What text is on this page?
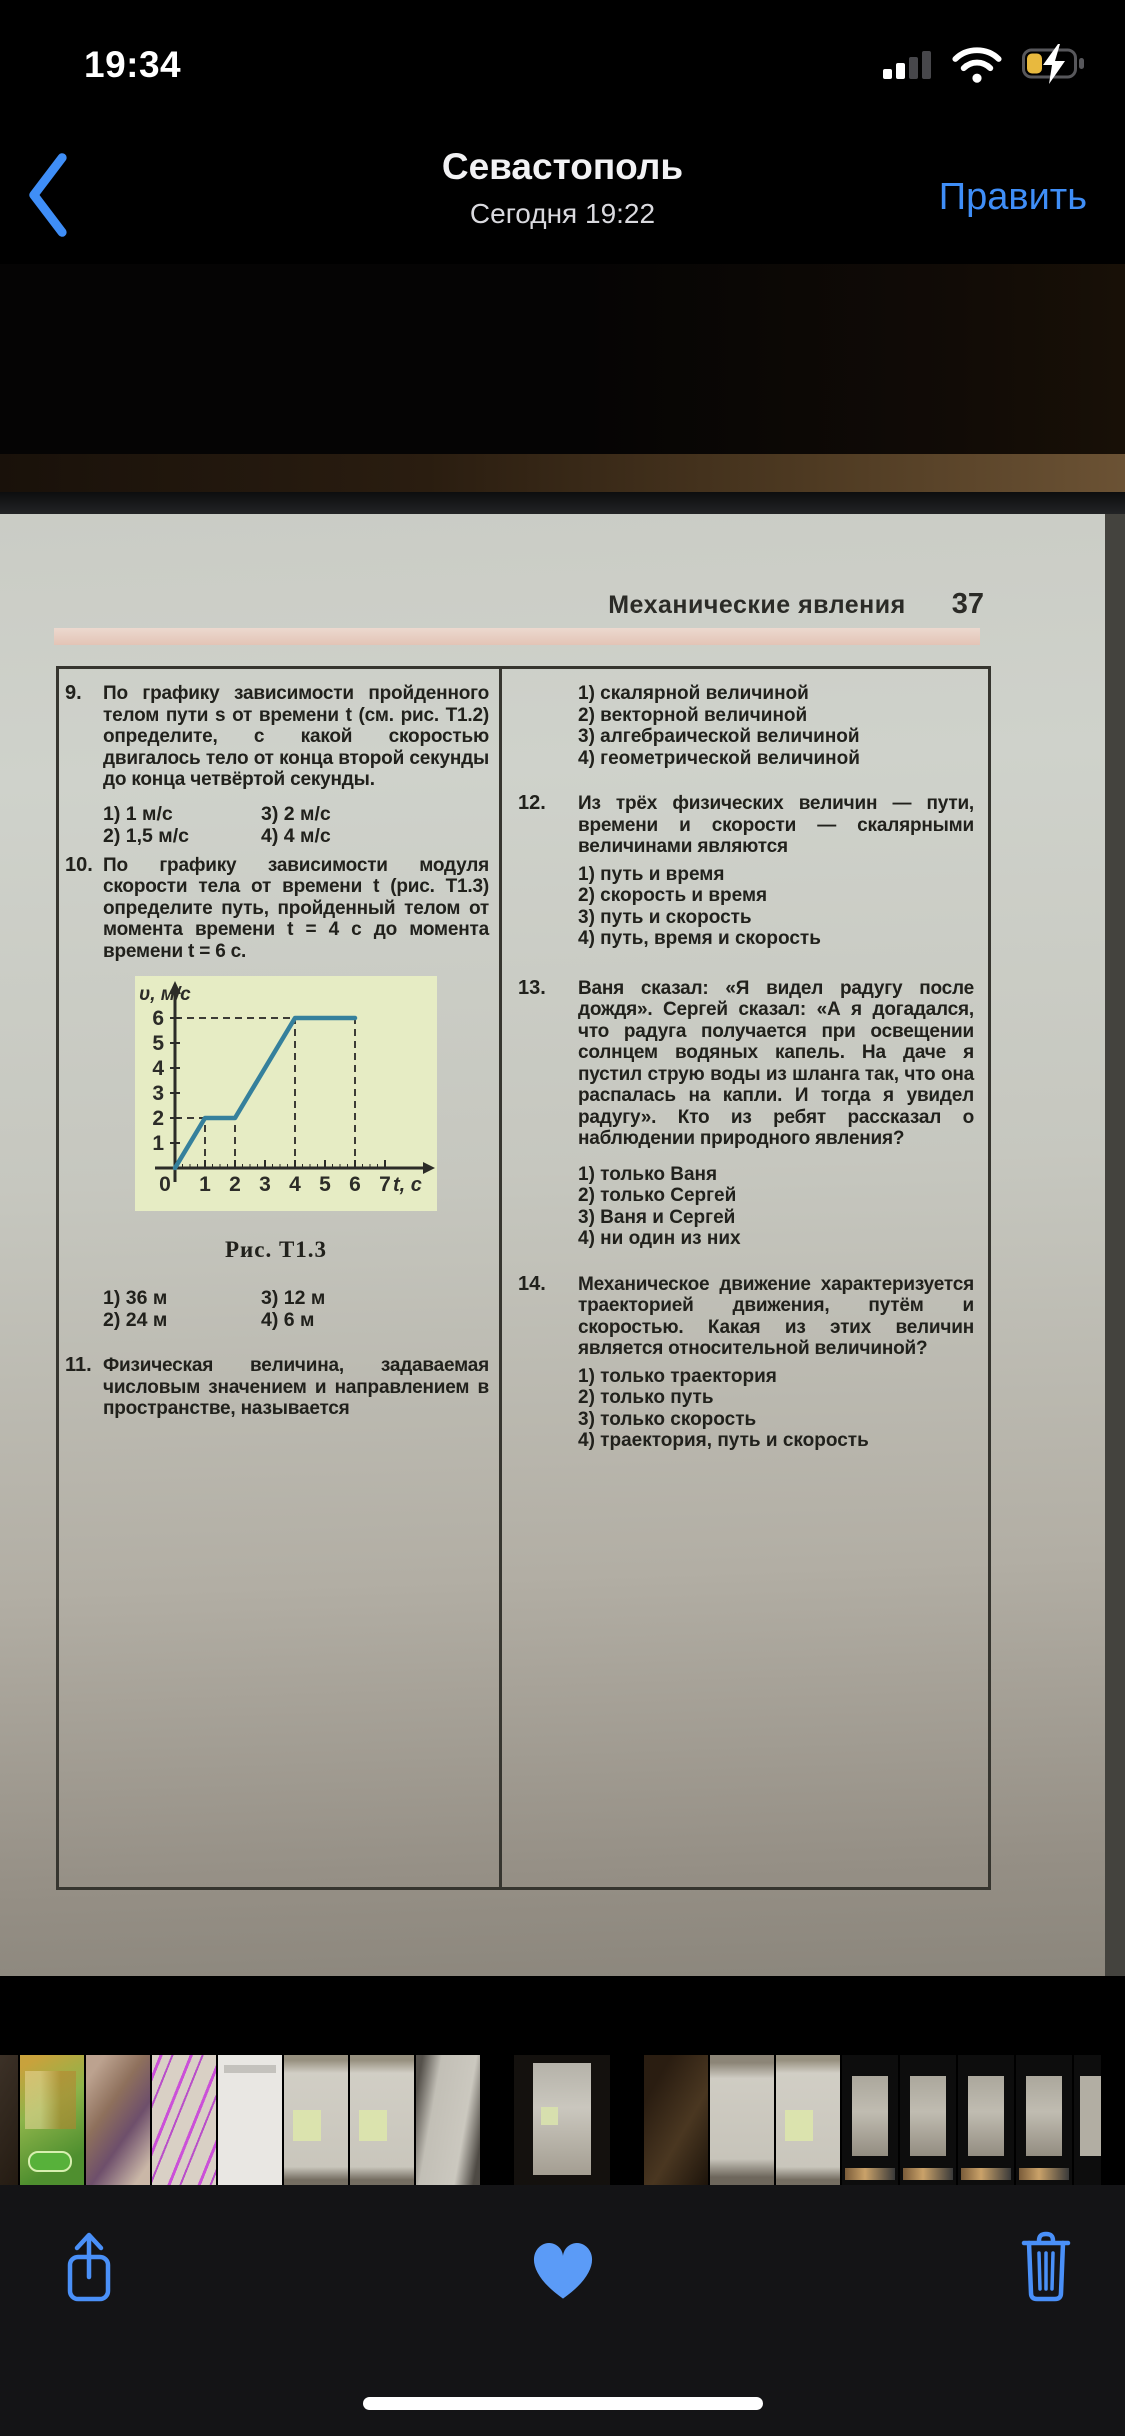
19:34
Севастополь
Сегодня 19:22	Править
Механические явления 37
9.	По графику зависимости пройденного телом пути s от времени t (см. рис. Т1.2) определите, с какой скоростью двигалось тело от конца второй секунды до конца четвёртой секунды.
1) 1 м/с	3) 2 м/с
2) 1,5 м/с	4) 4 м/с
10. По графику зависимости модуля скорости тела от времени t (рис. Т1.3) определите путь, пройденный телом от момента времени t = 4 с до момента времени t = 6 с.
0 1 2 3 4 5 6 7
1
2
3
4
5
6
υ, м/с
t, с
Рис. Т1.3
1) 36 м	3) 12 м
2) 24 м	4) 6 м
11. Физическая величина, задаваемая числовым значением и направлением в пространстве, называется
1) скалярной величиной
2) векторной величиной
3) алгебраической величиной
4) геометрической величиной
12.	Из трёх физических величин — пути, времени и скорости — скалярными величинами являются
1) путь и время
2) скорость и время
3) путь и скорость
4) путь, время и скорость
13.	Ваня сказал: «Я видел радугу после дождя». Сергей сказал: «А я догадался, что радуга получается при освещении солнцем водяных капель. На даче я пустил струю воды из шланга так, что она распалась на капли. И тогда я увидел радугу». Кто из ребят рассказал о наблюдении природного явления?
1) только Ваня
2) только Сергей
3) Ваня и Сергей
4) ни один из них
14.	Механическое движение характеризуется траекторией движения, путём и скоростью. Какая из этих величин является относительной величиной?
1) только траектория
2) только путь
3) только скорость
4) траектория, путь и скорость
